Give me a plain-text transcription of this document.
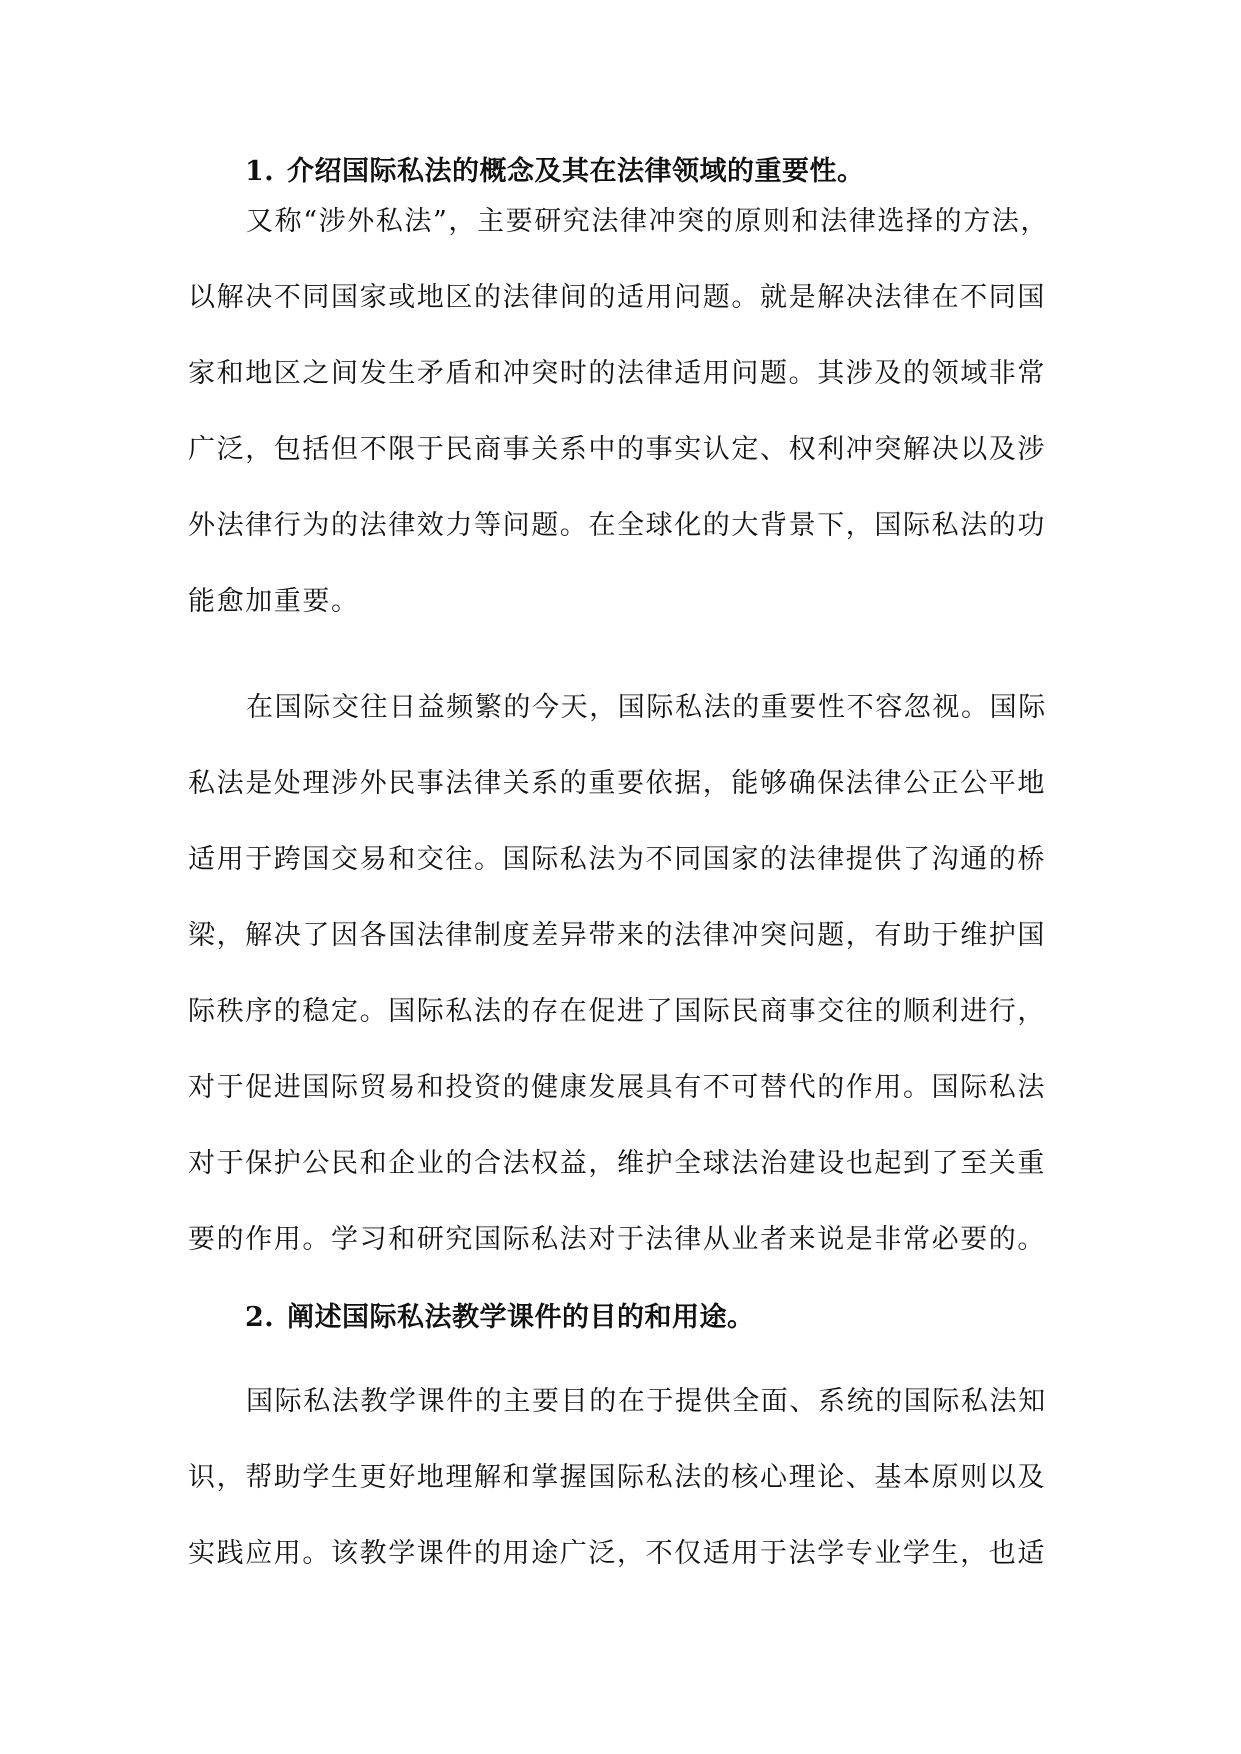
1. 介绍国际私法的概念及其在法律领域的重要性。
又称“涉外私法”，主要研究法律冲突的原则和法律选择的方法，
以解决不同国家或地区的法律间的适用问题。就是解决法律在不同国
家和地区之间发生矛盾和冲突时的法律适用问题。其涉及的领域非常
广泛，包括但不限于民商事关系中的事实认定、权利冲突解决以及涉
外法律行为的法律效力等问题。在全球化的大背景下，国际私法的功
能愈加重要。
在国际交往日益频繁的今天，国际私法的重要性不容忽视。国际
私法是处理涉外民事法律关系的重要依据，能够确保法律公正公平地
适用于跨国交易和交往。国际私法为不同国家的法律提供了沟通的桥
梁，解决了因各国法律制度差异带来的法律冲突问题，有助于维护国
际秩序的稳定。国际私法的存在促进了国际民商事交往的顺利进行，
对于促进国际贸易和投资的健康发展具有不可替代的作用。国际私法
对于保护公民和企业的合法权益，维护全球法治建设也起到了至关重
要的作用。学习和研究国际私法对于法律从业者来说是非常必要的。
2. 阐述国际私法教学课件的目的和用途。
国际私法教学课件的主要目的在于提供全面、系统的国际私法知
识，帮助学生更好地理解和掌握国际私法的核心理论、基本原则以及
实践应用。该教学课件的用途广泛，不仅适用于法学专业学生，也适
